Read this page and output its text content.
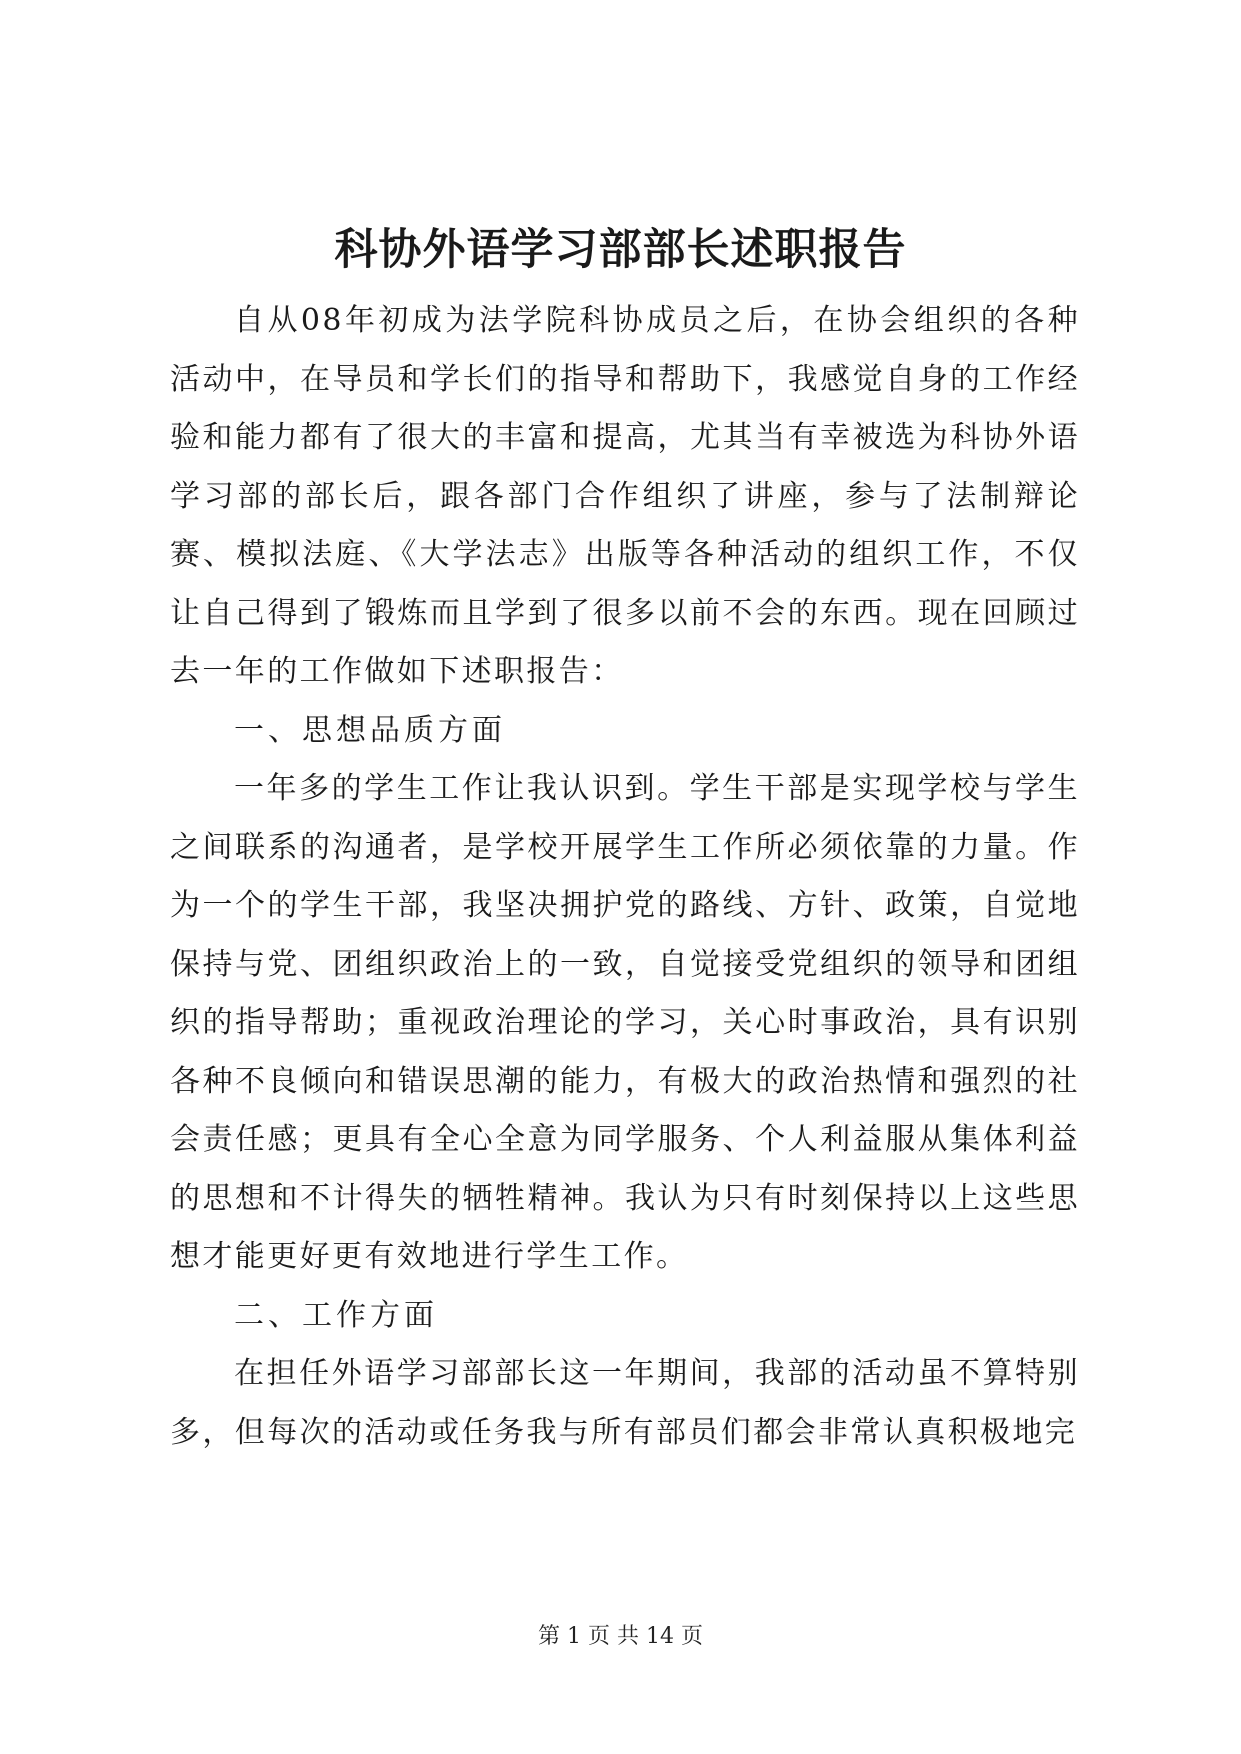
科协外语学习部部长述职报告

自从08年初成为法学院科协成员之后，在协会组织的各种活动中，在导员和学长们的指导和帮助下，我感觉自身的工作经验和能力都有了很大的丰富和提高，尤其当有幸被选为科协外语学习部的部长后，跟各部门合作组织了讲座，参与了法制辩论赛、模拟法庭、《大学法志》出版等各种活动的组织工作，不仅让自己得到了锻炼而且学到了很多以前不会的东西。现在回顾过去一年的工作做如下述职报告：

一、思想品质方面

一年多的学生工作让我认识到。学生干部是实现学校与学生之间联系的沟通者，是学校开展学生工作所必须依靠的力量。作为一个的学生干部，我坚决拥护党的路线、方针、政策，自觉地保持与党、团组织政治上的一致，自觉接受党组织的领导和团组织的指导帮助；重视政治理论的学习，关心时事政治，具有识别各种不良倾向和错误思潮的能力，有极大的政治热情和强烈的社会责任感；更具有全心全意为同学服务、个人利益服从集体利益的思想和不计得失的牺牲精神。我认为只有时刻保持以上这些思想才能更好更有效地进行学生工作。

二、工作方面

在担任外语学习部部长这一年期间，我部的活动虽不算特别多，但每次的活动或任务我与所有部员们都会非常认真积极地完

第 1 页 共 14 页
